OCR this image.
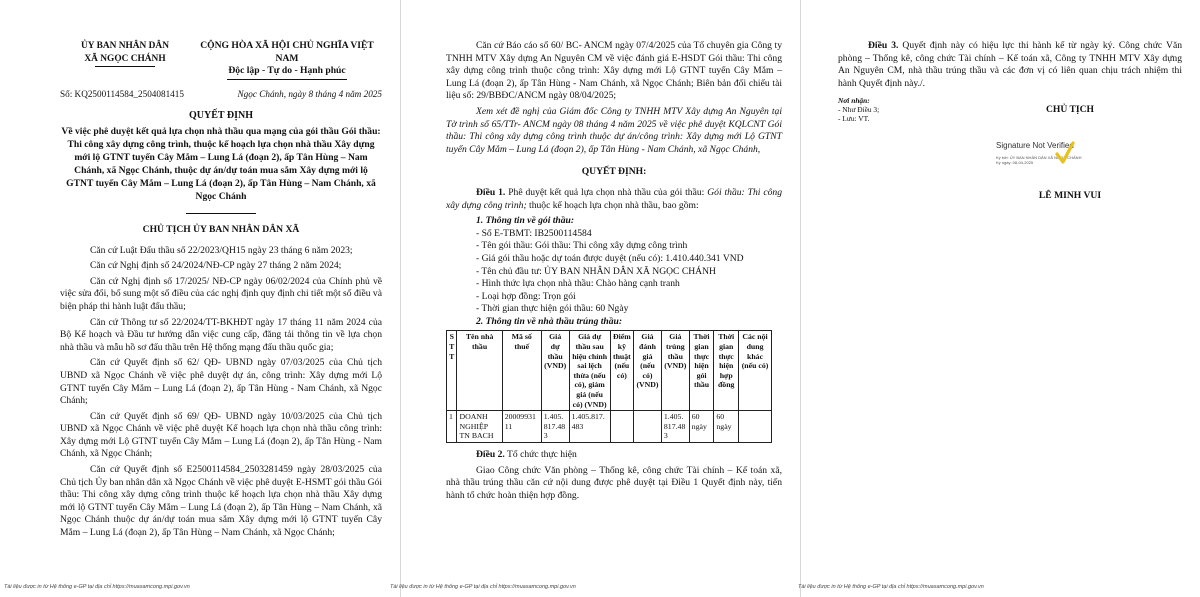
ỦY BAN NHÂN DÂN
XÃ NGỌC CHÁNH
CỘNG HÒA XÃ HỘI CHỦ NGHĨA VIỆT NAM
Độc lập - Tự do - Hạnh phúc
Số: KQ2500114584_2504081415	Ngọc Chánh, ngày 8 tháng 4 năm 2025
QUYẾT ĐỊNH
Về việc phê duyệt kết quả lựa chọn nhà thầu qua mạng của gói thầu Gói thầu: Thi công xây dựng công trình, thuộc kế hoạch lựa chọn nhà thầu Xây dựng mới lộ GTNT tuyến Cây Mắm – Lung Lá (đoạn 2), ấp Tân Hùng – Nam Chánh, xã Ngọc Chánh, thuộc dự án/dự toán mua sắm Xây dựng mới lộ GTNT tuyến Cây Mắm – Lung Lá (đoạn 2), ấp Tân Hùng – Nam Chánh, xã Ngọc Chánh
CHỦ TỊCH ỦY BAN NHÂN DÂN XÃ

Căn cứ Luật Đấu thầu số 22/2023/QH15 ngày 23 tháng 6 năm 2023;

Căn cứ Nghị định số 24/2024/NĐ-CP ngày 27 tháng 2 năm 2024;

Căn cứ Nghị định số 17/2025/ NĐ-CP ngày 06/02/2024 của Chính phủ về việc sửa đổi, bổ sung một số điều của các nghị định quy định chi tiết một số điều và biện pháp thi hành luật đấu thầu;

Căn cứ Thông tư số 22/2024/TT-BKHĐT ngày 17 tháng 11 năm 2024 của Bộ Kế hoạch và Đầu tư hướng dẫn việc cung cấp, đăng tải thông tin về lựa chọn nhà thầu và mẫu hồ sơ đấu thầu trên Hệ thống mạng đấu thầu quốc gia;

Căn cứ Quyết định số 62/ QĐ- UBND ngày 07/03/2025 của Chủ tịch UBND xã Ngọc Chánh về việc phê duyệt dự án, công trình: Xây dựng mới Lộ GTNT tuyến Cây Mắm – Lung Lá (đoạn 2), ấp Tân Hùng - Nam Chánh, xã Ngọc Chánh;

Căn cứ Quyết định số 69/ QĐ- UBND ngày 10/03/2025 của Chủ tịch UBND xã Ngọc Chánh về việc phê duyệt Kế hoạch lựa chọn nhà thầu công trình: Xây dựng mới Lộ GTNT tuyến Cây Mắm – Lung Lá (đoạn 2), ấp Tân Hùng - Nam Chánh, xã Ngọc Chánh;

Căn cứ Quyết định số E2500114584_2503281459 ngày 28/03/2025 của Chủ tịch Ủy ban nhân dân xã Ngọc Chánh về việc phê duyệt E-HSMT gói thầu Gói thầu: Thi công xây dựng công trình thuộc kế hoạch lựa chọn nhà thầu Xây dựng mới lộ GTNT tuyến Cây Mắm – Lung Lá (đoạn 2), ấp Tân Hùng – Nam Chánh, xã Ngọc Chánh thuộc dự án/dự toán mua sắm Xây dựng mới lộ GTNT tuyến Cây Mắm – Lung Lá (đoạn 2), ấp Tân Hùng – Nam Chánh, xã Ngọc Chánh;

Tài liệu được in từ Hệ thống e-GP tại địa chỉ https://muasamcong.mpi.gov.vn

Căn cứ Báo cáo số 60/ BC- ANCM ngày 07/4/2025 của Tổ chuyên gia Công ty TNHH MTV Xây dựng An Nguyên CM về việc đánh giá E-HSDT Gói thầu: Thi công xây dựng công trình thuộc công trình: Xây dựng mới Lộ GTNT tuyến Cây Mắm – Lung Lá (đoạn 2), ấp Tân Hùng - Nam Chánh, xã Ngọc Chánh; Biên bản đối chiếu tài liệu số: 29/BBĐC/ANCM ngày 08/04/2025;

Xem xét đề nghị của Giám đốc Công ty TNHH MTV Xây dựng An Nguyên tại Tờ trình số 65/TTr- ANCM ngày 08 tháng 4 năm 2025 về việc phê duyệt KQLCNT Gói thầu: Thi công xây dựng công trình thuộc dự án/công trình: Xây dựng mới Lộ GTNT tuyến Cây Mắm – Lung Lá (đoạn 2), ấp Tân Hùng - Nam Chánh, xã Ngọc Chánh,

QUYẾT ĐỊNH:

Điều 1. Phê duyệt kết quả lựa chọn nhà thầu của gói thầu: Gói thầu: Thi công xây dựng công trình; thuộc kế hoạch lựa chọn nhà thầu, bao gồm:

1. Thông tin về gói thầu:
- Số E-TBMT: IB2500114584
- Tên gói thầu: Gói thầu: Thi công xây dựng công trình
- Giá gói thầu hoặc dự toán được duyệt (nếu có): 1.410.440.341 VND
- Tên chủ đầu tư: ỦY BAN NHÂN DÂN XÃ NGỌC CHÁNH
- Hình thức lựa chọn nhà thầu: Chào hàng cạnh tranh
- Loại hợp đồng: Trọn gói
- Thời gian thực hiện gói thầu: 60 Ngày
2. Thông tin về nhà thầu trúng thầu:
S T T	Tên nhà thầu	Mã số thuế	Giá dự thầu (VND)	Giá dự thầu sau hiệu chỉnh sai lệch thừa (nếu có), giảm giá (nếu có) (VND)	Điểm kỹ thuật (nếu có)	Giá đánh giá (nếu có) (VND)	Giá trúng thầu (VND)	Thời gian thực hiện gói thầu	Thời gian thực hiện hợp đồng	Các nội dung khác (nếu có)
1	DOANH NGHIỆP TN BACH	2000993111	1.405.817.483	1.405.817.483			1.405.817.483	60 ngày	60 ngày	

Điều 2. Tổ chức thực hiện

Giao Công chức Văn phòng – Thống kê, công chức Tài chính – Kế toán xã, nhà thầu trúng thầu căn cứ nội dung được phê duyệt tại Điều 1 Quyết định này, tiến hành tổ chức hoàn thiện hợp đồng.

Tài liệu được in từ Hệ thống e-GP tại địa chỉ https://muasamcong.mpi.gov.vn

Điều 3. Quyết định này có hiệu lực thi hành kể từ ngày ký. Công chức Văn phòng – Thống kê, công chức Tài chính – Kế toán xã, Công ty TNHH MTV Xây dựng An Nguyên CM, nhà thầu trúng thầu và các đơn vị có liên quan chịu trách nhiệm thi hành Quyết định này./.

Nơi nhận:
- Như Điều 3;
- Lưu: VT.
CHỦ TỊCH
Signature Not Verified
Ký bởi: ỦY BAN NHÂN DÂN XÃ NGỌC CHÁNH
Ký ngày: 08-04-2025
LÊ MINH VUI
Tài liệu được in từ Hệ thống e-GP tại địa chỉ https://muasamcong.mpi.gov.vn
